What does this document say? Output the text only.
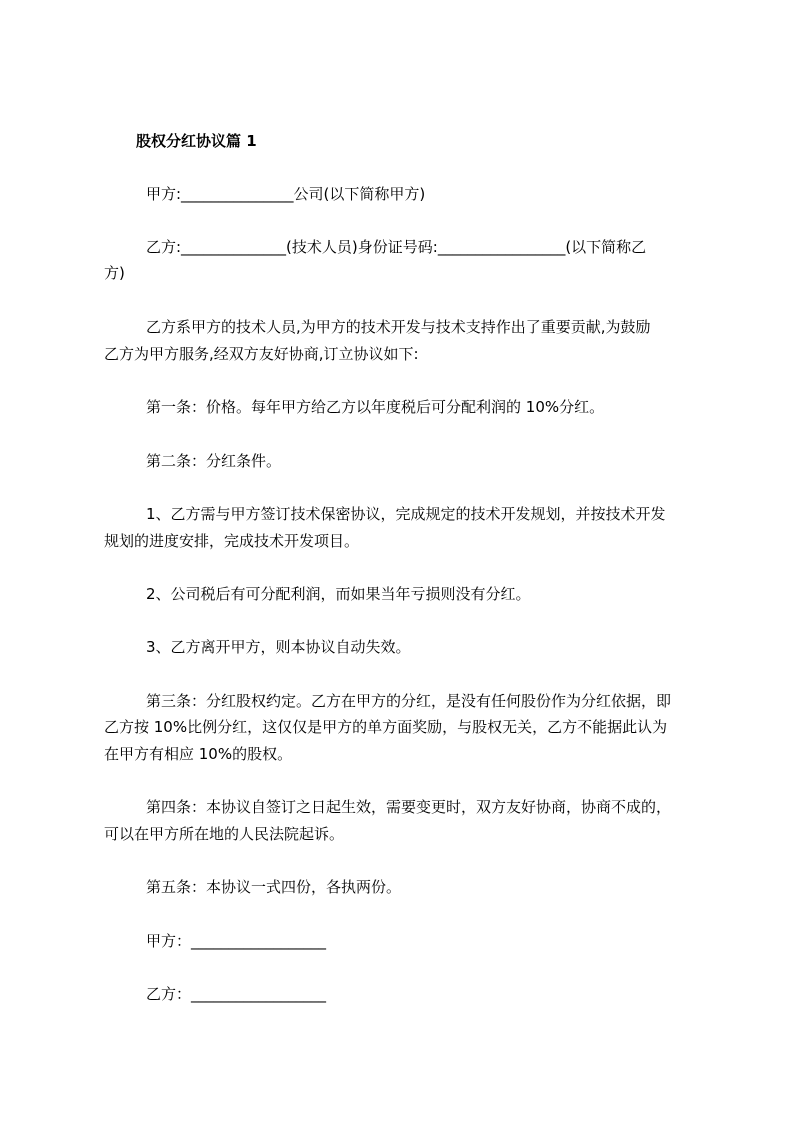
股权分红协议篇 1
甲方:_______________公司(以下简称甲方)
乙方:______________(技术人员)身份证号码:_________________(以下简称乙
方)
乙方系甲方的技术人员,为甲方的技术开发与技术支持作出了重要贡献,为鼓励
乙方为甲方服务,经双方友好协商,订立协议如下:
第一条：价格。每年甲方给乙方以年度税后可分配利润的 10%分红。
第二条：分红条件。
1、乙方需与甲方签订技术保密协议，完成规定的技术开发规划，并按技术开发
规划的进度安排，完成技术开发项目。
2、公司税后有可分配利润，而如果当年亏损则没有分红。
3、乙方离开甲方，则本协议自动失效。
第三条：分红股权约定。乙方在甲方的分红，是没有任何股份作为分红依据，即
乙方按 10%比例分红，这仅仅是甲方的单方面奖励，与股权无关，乙方不能据此认为
在甲方有相应 10%的股权。
第四条：本协议自签订之日起生效，需要变更时，双方友好协商，协商不成的，
可以在甲方所在地的人民法院起诉。
第五条：本协议一式四份，各执两份。
甲方：__________________
乙方：__________________
